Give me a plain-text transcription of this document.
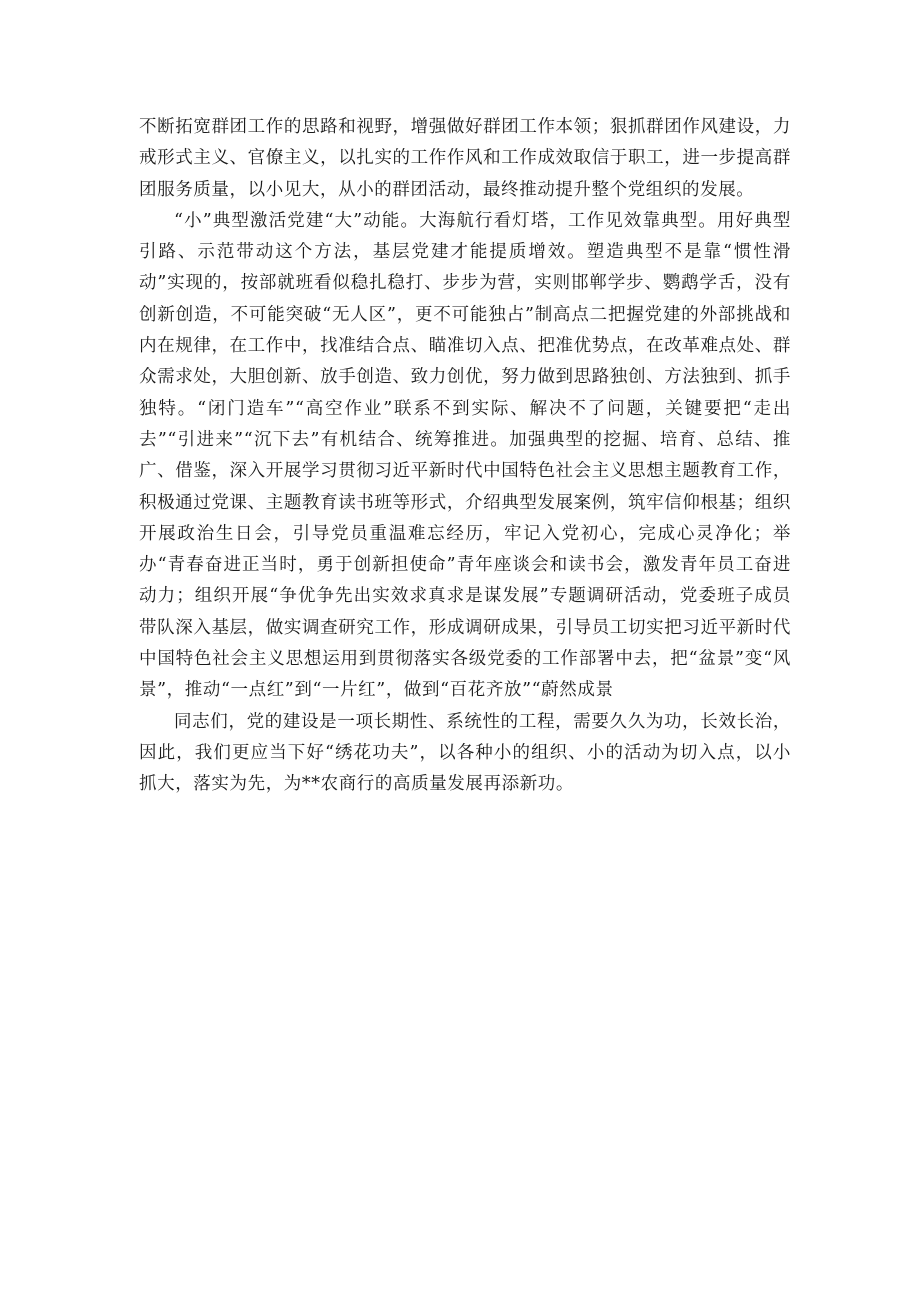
不断拓宽群团工作的思路和视野，增强做好群团工作本领；狠抓群团作风建设，力戒形式主义、官僚主义，以扎实的工作作风和工作成效取信于职工，进一步提高群团服务质量，以小见大，从小的群团活动，最终推动提升整个党组织的发展。

“小”典型激活党建“大”动能。大海航行看灯塔，工作见效靠典型。用好典型引路、示范带动这个方法，基层党建才能提质增效。塑造典型不是靠“惯性滑动”实现的，按部就班看似稳扎稳打、步步为营，实则邯郸学步、鹦鹉学舌，没有创新创造，不可能突破“无人区”，更不可能独占”制高点二把握党建的外部挑战和内在规律，在工作中，找准结合点、瞄准切入点、把准优势点，在改革难点处、群众需求处，大胆创新、放手创造、致力创优，努力做到思路独创、方法独到、抓手独特。“闭门造车”“高空作业”联系不到实际、解决不了问题，关键要把“走出去”“引进来”“沉下去”有机结合、统筹推进。加强典型的挖掘、培育、总结、推广、借鉴，深入开展学习贯彻习近平新时代中国特色社会主义思想主题教育工作，积极通过党课、主题教育读书班等形式，介绍典型发展案例，筑牢信仰根基；组织开展政治生日会，引导党员重温难忘经历，牢记入党初心，完成心灵净化；举办“青春奋进正当时，勇于创新担使命”青年座谈会和读书会，激发青年员工奋进动力；组织开展“争优争先出实效求真求是谋发展”专题调研活动，党委班子成员带队深入基层，做实调查研究工作，形成调研成果，引导员工切实把习近平新时代中国特色社会主义思想运用到贯彻落实各级党委的工作部署中去，把“盆景”变“风景”，推动“一点红”到“一片红”，做到“百花齐放”“蔚然成景

同志们，党的建设是一项长期性、系统性的工程，需要久久为功，长效长治，因此，我们更应当下好“绣花功夫”，以各种小的组织、小的活动为切入点，以小抓大，落实为先，为**农商行的高质量发展再添新功。
